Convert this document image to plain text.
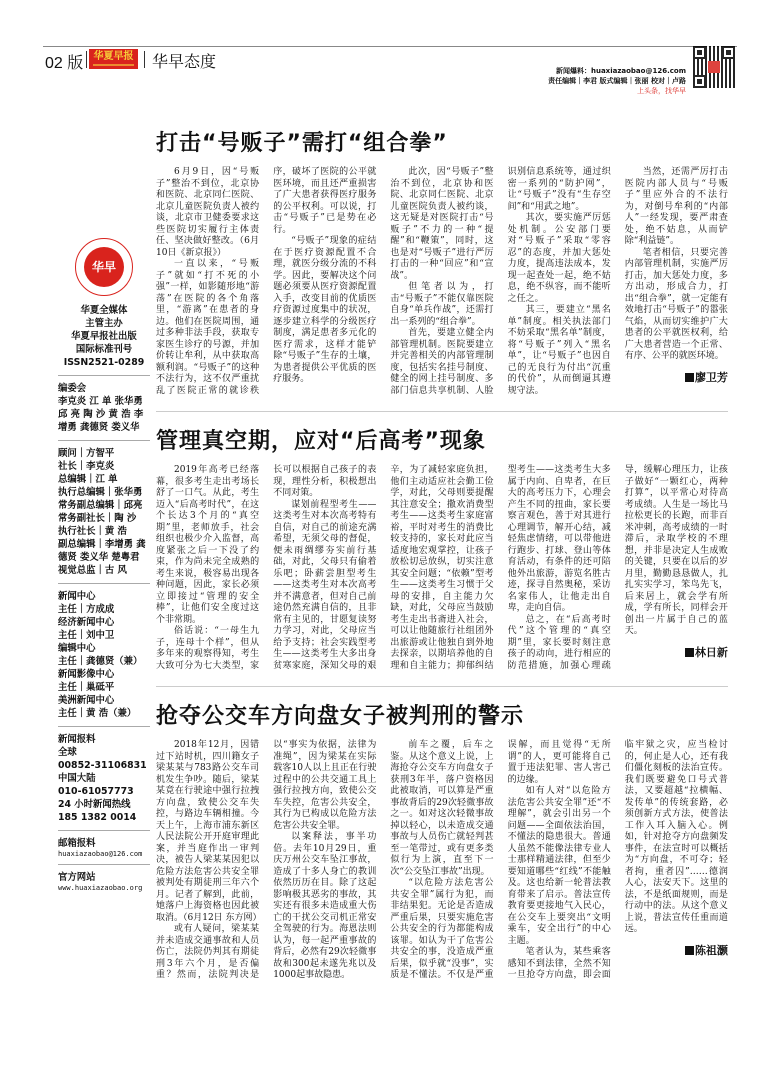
02 版	华夏早报 华早态度	新闻爆料：huaxiazaobao@126.com
责任编辑｜李君 版式编辑｜张丽 校对｜卢路
上头条，找华早
华早
华夏全媒体
主管主办
华夏早报社出版
国际标准刊号
ISSN2521-0289
编委会
李克炎 江 单 张华勇 邱 亮 陶 沙 黄 浩 李增勇 龚德贤 娄义华
顾问｜方智平
社长｜李克炎
总编辑｜江 单
执行总编辑｜张华勇
常务副总编辑｜邱亮
常务副社长｜陶 沙
执行社长｜黄 浩
副总编辑｜李增勇 龚德贤 娄义华 楚粤君
视觉总监｜古 风
新闻中心
主任｜方成成
经济新闻中心
主任｜刘中卫
编辑中心
主任｜龚德贤（兼）
新闻影像中心
主任｜巢砥平
美洲新闻中心
主任｜黄 浩（兼）
新闻报料
全球
00852-31106831
中国大陆
010-61057773
24 小时新闻热线
185 1382 0014
邮箱报料
huaxiazaobao@126.com
官方网站
www.huaxiazaobao.org
打击“号贩子”需打“组合拳”

6月9日，因“号贩子”整治不到位，北京协和医院、北京同仁医院、北京儿童医院负责人被约谈，北京市卫健委要求这些医院切实履行主体责任、坚决做好整改。（6月10日《新京报》）

一直以来，“号贩子”就如“打不死的小强”一样，如影随形地“游荡”在医院的各个角落里，“游离”在患者的身边。他们在医院周围，通过多种非法手段，获取专家医生诊疗的号源，并加价转让牟利，从中获取高额利润。“号贩子”的这种不法行为，这不仅严重扰乱了医院正常的就诊秩序，破坏了医院的公平就医环境，而且还严重损害了广大患者获得医疗服务的公平权利。可以说，打击“号贩子”已是势在必行。

“号贩子”现象的症结在于医疗资源配置不合理，就医分级分流的不科学。因此，要解决这个问题必须要从医疗资源配置入手，改变目前的优质医疗资源过度集中的状况，逐步建立科学的分级医疗制度，满足患者多元化的医疗需求，这样才能铲除“号贩子”生存的土壤，为患者提供公平优质的医疗服务。

此次，因“号贩子”整治不到位，北京协和医院、北京同仁医院、北京儿童医院负责人被约谈，这无疑是对医院打击“号贩子”不力的一种“提醒”和“鞭策”，同时，这也是对“号贩子”进行严厉打击的一种“回应”和“宣战”。

但笔者以为，打击“号贩子”不能仅靠医院自身“单兵作战”，还需打出一系列的“组合拳”。

首先，要建立健全内部管理机制。医院要建立并完善相关的内部管理制度，包括实名挂号制度、健全的网上挂号制度、多部门信息共享机制、人脸识别信息系统等，通过织密一系列的“防护网”，让“号贩子”没有“生存空间”和“用武之地”。

其次，要实施严厉惩处机制。公安部门要对“号贩子”采取“零容忍”的态度，并加大惩处力度，提高违法成本，发现一起查处一起，绝不姑息，绝不纵容，而不能听之任之。

其三，要建立“黑名单”制度。相关执法部门不妨采取“黑名单”制度，将“号贩子”列入“黑名单”，让“号贩子”也因自己的无良行为付出“沉重的代价”，从而倒逼其遵规守法。

当然，还需严厉打击医院内部人员与“号贩子”里应外合的不法行为，对倒号牟利的“内部人”一经发现，要严肃查处，绝不姑息，从而铲除“利益链”。

笔者相信，只要完善内部管理机制，实施严厉打击，加大惩处力度，多方出动，形成合力，打出“组合拳”，就一定能有效地打击“号贩子”的嚣张气焰，从而切实维护广大患者的公平就医权利，给广大患者营造一个正常、有序、公平的就医环境。

廖卫芳
管理真空期，应对“后高考”现象

2019年高考已经落幕，很多考生走出考场长舒了一口气。从此，考生迈入“后高考时代”，在这个长达3个月的“真空期”里，老师放手，社会组织也极少介入监督，高度紧张之后一下没了约束，作为尚未完全成熟的考生来说，极容易出现各种问题，因此，家长必须立即接过“管理的安全棒”，让他们安全度过这个非常期。

俗话说：“一母生九子，连母十个样”，但从多年来的观察得知，考生大致可分为七大类型，家长可以根据自己孩子的表现，理性分析，积极想出不同对策。

谋划前程型考生——这类考生对本次高考特有自信，对自己的前途充满希望，无须父母的督促，便未雨绸缪夯实前行基础，对此，父母只有偷着乐吧；卧薪尝胆型考生——这类考生对本次高考并不满意者，但对自己前途仍然充满自信的，且非常有主见的，甘愿复读努力学习，对此，父母应当给予支持；社会实践型考生——这类考生大多出身贫寒家庭，深知父母的艰辛，为了减轻家庭负担，他们主动适应社会勤工俭学，对此，父母则要提醒其注意安全；撒欢消费型考生——这类考生家庭富裕，平时对考生的消费比较支持的，家长对此应当适度地宏观掌控，让孩子放松切忌放纵，切实注意其安全问题；“依赖”型考生——这类考生习惯于父母的安排，自主能力欠缺，对此，父母应当鼓励考生走出书斋进入社会，可以让他随旅行社组团外出旅游或让他独自到外地去探亲，以期培养他的自理和自主能力；抑郁纠结型考生——这类考生大多属于内向、自卑者，在巨大的高考压力下，心理会产生不同的扭曲，家长要察言观色，善于对其进行心理调节，解开心结，减轻焦虑情绪，可以带他进行跑步、打球、登山等体育活动，有条件的还可陪他外出旅游，游览名胜古迹，探寻自然奥秘，采访名家伟人，让他走出自卑，走向自信。

总之，在“后高考时代”这个管理的“真空期”里，家长要时刻注意孩子的动向，进行相应的防范措施，加强心理疏导，缓解心理压力，让孩子做好“一颗红心，两种打算”，以平常心对待高考成绩。人生是一场比马拉松更长的长跑，而非百米冲刺，高考成绩的一时滞后，录取学校的不理想，并非是决定人生成败的关键，只要在以后的岁月里，勤勤恳恳做人，扎扎实实学习，笨鸟先飞，后来居上，就会学有所成，学有所长，同样会开创出一片属于自己的蓝天。

林日新
抢夺公交车方向盘女子被判刑的警示

2018年12月，因错过下站时机，四川籍女子梁某某与783路公交车司机发生争吵。随后，梁某某竟在行驶途中强行拉拽方向盘，致使公交车失控，与路边车辆相撞。今天上午，上海市浦东新区人民法院公开开庭审理此案，并当庭作出一审判决，被告人梁某某因犯以危险方法危害公共安全罪被判处有期徒刑三年六个月。记者了解到，此前，她落户上海资格也因此被取消。（6月12日 东方网）

或有人疑问，梁某某并未造成交通事故和人员伤亡，法院仍判其有期徒刑3年六个月，是否偏重？然而，法院判决是以“事实为依据，法律为准绳”，因为梁某在实际载客10人以上且正在行驶过程中的公共交通工具上强行拉拽方向，致使公交车失控，危害公共安全，其行为已构成以危险方法危害公共安全罪。

以案释法，事半功倍。去年10月29日，重庆万州公交车坠江事故，造成了十多人身亡的教训依然历历在目。除了这起影响极其恶劣的事故，其实还有很多未造成重大伤亡的干扰公交司机正常安全驾驶的行为。海恩法则认为，每一起严重事故的背后，必然有29次轻微事故和300起未遂先兆以及1000起事故隐患。

前车之覆，后车之鉴。从这个意义上说，上海抢夺公交车方向盘女子获刑3年半，落户资格因此被取消，可以算是严重事故背后的29次轻微事故之一。如对这次轻微事故掉以轻心，以未造成交通事故与人员伤亡就轻判甚至一笔带过，或有更多类似行为上演，直至下一次“公交坠江事故”出现。

“以危险方法危害公共安全罪”属行为犯，而非结果犯。无论是否造成严重后果，只要实施危害公共安全的行为都能构成该罪。如认为干了危害公共安全的事，没造成严重后果，似乎就“没事”，实质是不懂法。不仅是严重误解，而且觉得“无所谓”的人，更可能将自己置于违法犯罪、害人害己的边缘。

如有人对“以危险方法危害公共安全罪”还“不理解”，就会引出另一个问题——全面依法治国，不懂法的隐患很大。普通人虽然不能像法律专业人士那样精通法律，但至少要知道哪些“红线”不能触及。这也给新一轮普法教育带来了启示。普法宣传教育要更接地气入民心，在公交车上要突出“文明乘车，安全出行”的中心主题。

笔者认为，某些乘客感知不到法律，全然不知一旦抢夺方向盘，即会面临牢狱之灾，应当检讨的，何止是人心，还有我们僵化刻板的法治宣传。我们既要避免口号式普法，又要超越“拉横幅、发传单”的传统套路，必须创新方式方法，使普法工作入耳入脑入心。例如，针对抢夺方向盘频发事件，在法宣时可以概括为“方向盘，不可夺；轻者拘，重者囚”……德润人心，法安天下。这里的法，不是纸面规则，而是行动中的法。从这个意义上说，普法宣传任重而道远。

陈祖灏
